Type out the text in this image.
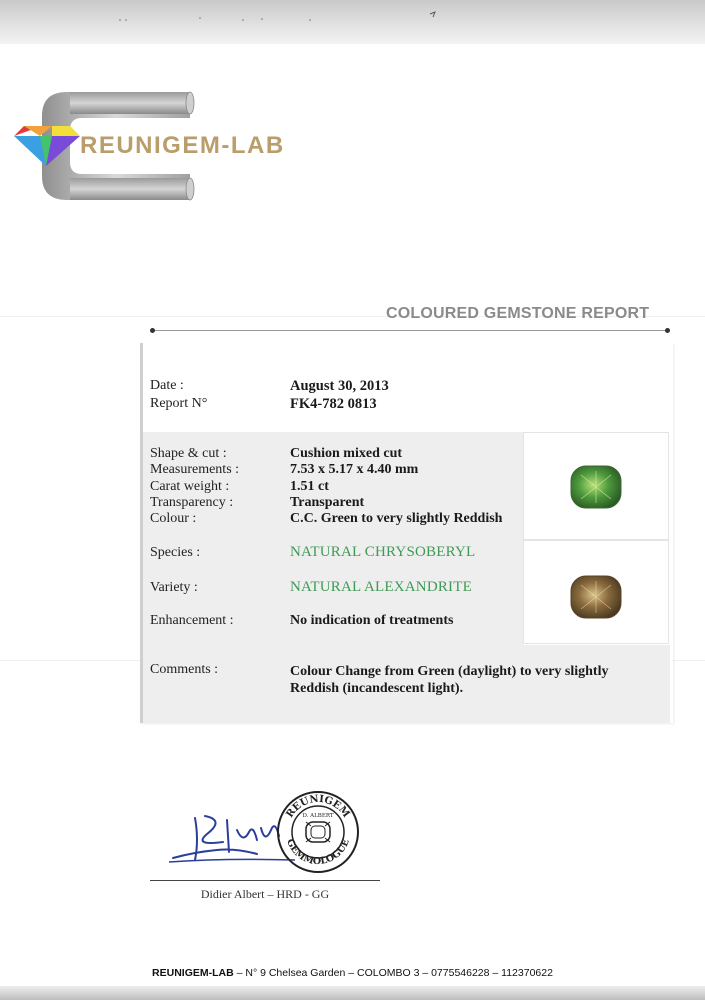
REUNIGEM-LAB
COLOURED GEMSTONE REPORT
Date :	August 30, 2013
Report N°	FK4-782 0813
Shape & cut :	Cushion mixed cut
Measurements :	7.53 x 5.17 x 4.40 mm
Carat weight :	1.51 ct
Transparency :	Transparent
Colour :	C.C. Green to very slightly Reddish
Species :	NATURAL CHRYSOBERYL
Variety :	NATURAL ALEXANDRITE
Enhancement :	No indication of treatments
Comments :	Colour Change from Green (daylight) to very slightly
Reddish (incandescent light).
REUNIGEM
GEMMOLOGUE
D. ALBERT
Didier Albert – HRD - GG
REUNIGEM-LAB – N° 9 Chelsea Garden – COLOMBO 3 – 0775546228 – 112370622
